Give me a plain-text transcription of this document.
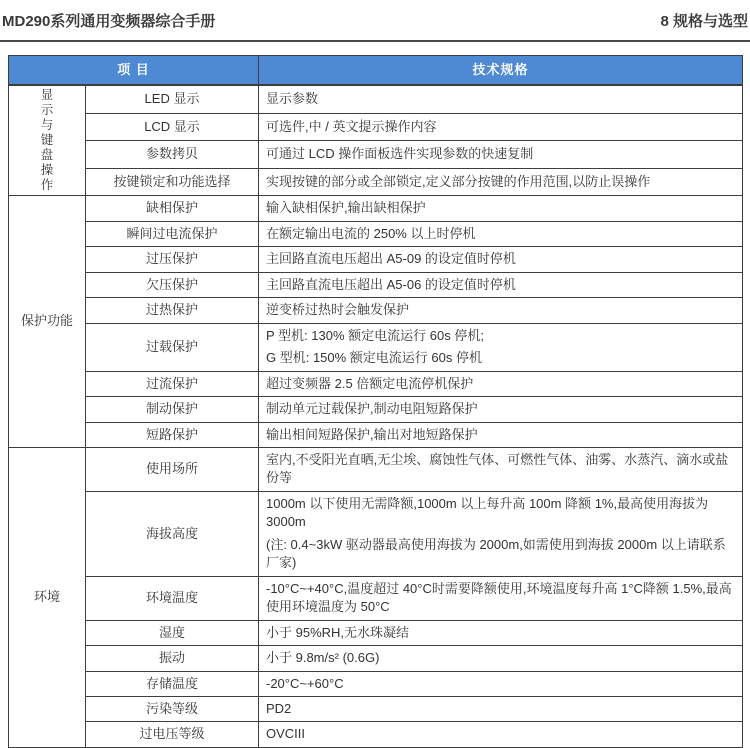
MD290系列通用变频器综合手册	8 规格与选型
项 目		技术规格

显
示
与
键
盘
操
作
	LED 显示	显示参数

	LCD 显示	可选件,中 / 英文提示操作内容

	参数拷贝	可通过 LCD 操作面板选件实现参数的快速复制

	按键锁定和功能选择	实现按键的部分或全部锁定,定义部分按键的作用范围,以防止误操作

保护功能	缺相保护	输入缺相保护,输出缺相保护

	瞬间过电流保护	在额定输出电流的 250% 以上时停机

	过压保护	主回路直流电压超出 A5-09 的设定值时停机

	欠压保护	主回路直流电压超出 A5-06 的设定值时停机

	过热保护	逆变桥过热时会触发保护

	过载保护	P 型机: 130% 额定电流运行 60s 停机;
G 型机: 150% 额定电流运行 60s 停机

	过流保护	超过变频器 2.5 倍额定电流停机保护

	制动保护	制动单元过载保护,制动电阻短路保护

	短路保护	输出相间短路保护,输出对地短路保护

环境	使用场所	室内,不受阳光直晒,无尘埃、腐蚀性气体、可燃性气体、油雾、水蒸汽、滴水或盐份等

	海拔高度	1000m 以下使用无需降额,1000m 以上每升高 100m 降额 1%,最高使用海拔为3000m
(注: 0.4~3kW 驱动器最高使用海拔为 2000m,如需使用到海拔 2000m 以上请联系厂家)

	环境温度	-10°C~+40°C,温度超过 40°C时需要降额使用,环境温度每升高 1°C降额 1.5%,最高使用环境温度为 50°C

	湿度	小于 95%RH,无水珠凝结

	振动	小于 9.8m/s² (0.6G)

	存储温度	-20°C~+60°C

	污染等级	PD2

	过电压等级	OVCIII
